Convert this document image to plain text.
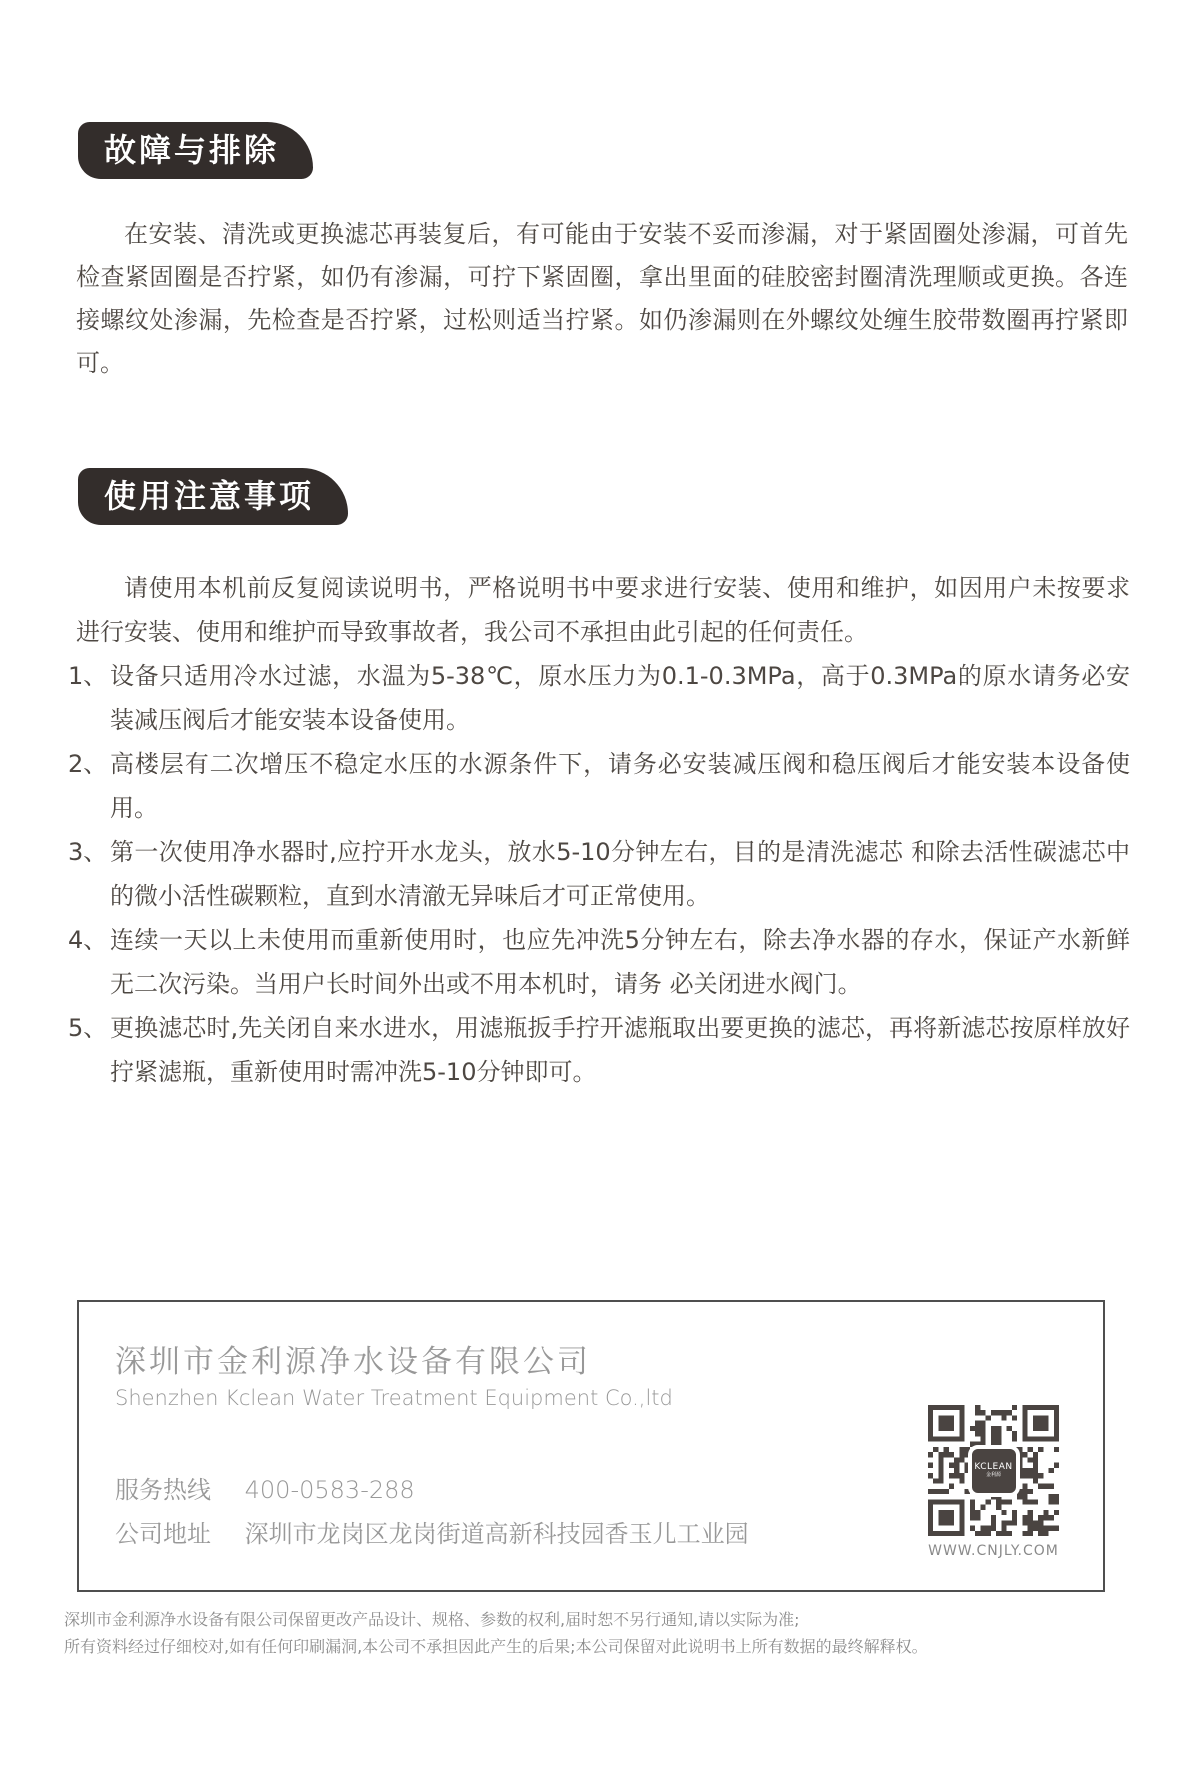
故障与排除
在安装、清洗或更换滤芯再装复后，有可能由于安装不妥而渗漏，对于紧固圈处渗漏，可首先检查紧固圈是否拧紧，如仍有渗漏，可拧下紧固圈，拿出里面的硅胶密封圈清洗理顺或更换。各连接螺纹处渗漏，先检查是否拧紧，过松则适当拧紧。如仍渗漏则在外螺纹处缠生胶带数圈再拧紧即可。
使用注意事项
请使用本机前反复阅读说明书，严格说明书中要求进行安装、使用和维护，如因用户未按要求进行安装、使用和维护而导致事故者，我公司不承担由此引起的任何责任。
1、 设备只适用冷水过滤，水温为5-38℃，原水压力为0.1-0.3MPa，高于0.3MPa的原水请务必安装减压阀后才能安装本设备使用。
2、 高楼层有二次增压不稳定水压的水源条件下，请务必安装减压阀和稳压阀后才能安装本设备使用。
3、 第一次使用净水器时,应拧开水龙头，放水5-10分钟左右，目的是清洗滤芯 和除去活性碳滤芯中的微小活性碳颗粒，直到水清澈无异味后才可正常使用。
4、 连续一天以上未使用而重新使用时，也应先冲洗5分钟左右，除去净水器的存水，保证产水新鲜无二次污染。当用户长时间外出或不用本机时，请务 必关闭进水阀门。
5、 更换滤芯时,先关闭自来水进水，用滤瓶扳手拧开滤瓶取出要更换的滤芯，再将新滤芯按原样放好拧紧滤瓶，重新使用时需冲洗5-10分钟即可。
深圳市金利源净水设备有限公司
Shenzhen Kclean Water Treatment Equipment Co.,ltd
服务热线 400-0583-288
公司地址 深圳市龙岗区龙岗街道高新科技园香玉儿工业园
KCLEAN
金利源
WWW.CNJLY.COM
深圳市金利源净水设备有限公司保留更改产品设计、规格、参数的权利,届时恕不另行通知,请以实际为准;
所有资料经过仔细校对,如有任何印刷漏洞,本公司不承担因此产生的后果;本公司保留对此说明书上所有数据的最终解释权。
